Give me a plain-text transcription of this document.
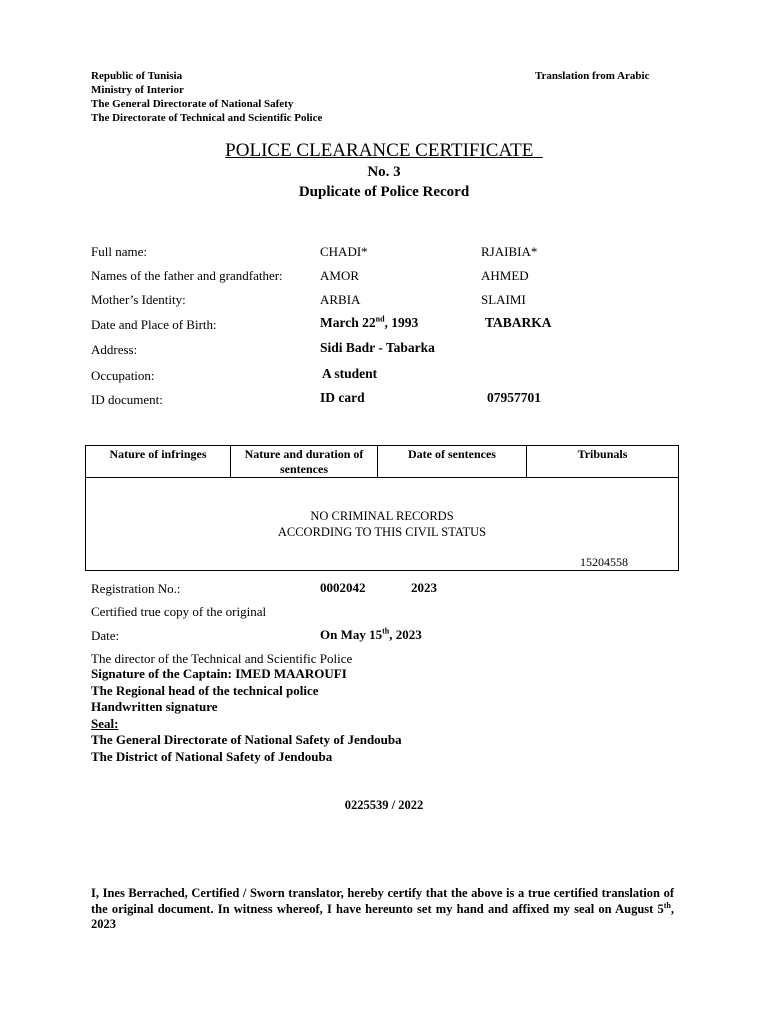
Republic of Tunisia
Ministry of Interior
The General Directorate of National Safety
The Directorate of Technical and Scientific Police
Translation from Arabic
POLICE CLEARANCE CERTIFICATE
No. 3
Duplicate of Police Record
Full name:	CHADI*	RJAIBIA*
Names of the father and grandfather:	AMOR	AHMED
Mother’s Identity:	ARBIA	SLAIMI
Date and Place of Birth:	March 22nd, 1993	TABARKA
Address:	Sidi Badr - Tabarka
Occupation:	A student
ID document:	ID card	07957701
Nature of infringes	Nature and duration of sentences	Date of sentences	Tribunals

NO CRIMINAL RECORDS
ACCORDING TO THIS CIVIL STATUS
15204558
Registration No.:	0002042	2023
Certified true copy of the original
Date:	On May 15th, 2023
The director of the Technical and Scientific Police
Signature of the Captain: IMED MAAROUFI
The Regional head of the technical police
Handwritten signature
Seal:
The General Directorate of National Safety of Jendouba
The District of National Safety of Jendouba
0225539 / 2022
I, Ines Berrached, Certified / Sworn translator, hereby certify that the above is a true certified translation of the original document. In witness whereof, I have hereunto set my hand and affixed my seal on August 5th, 2023
